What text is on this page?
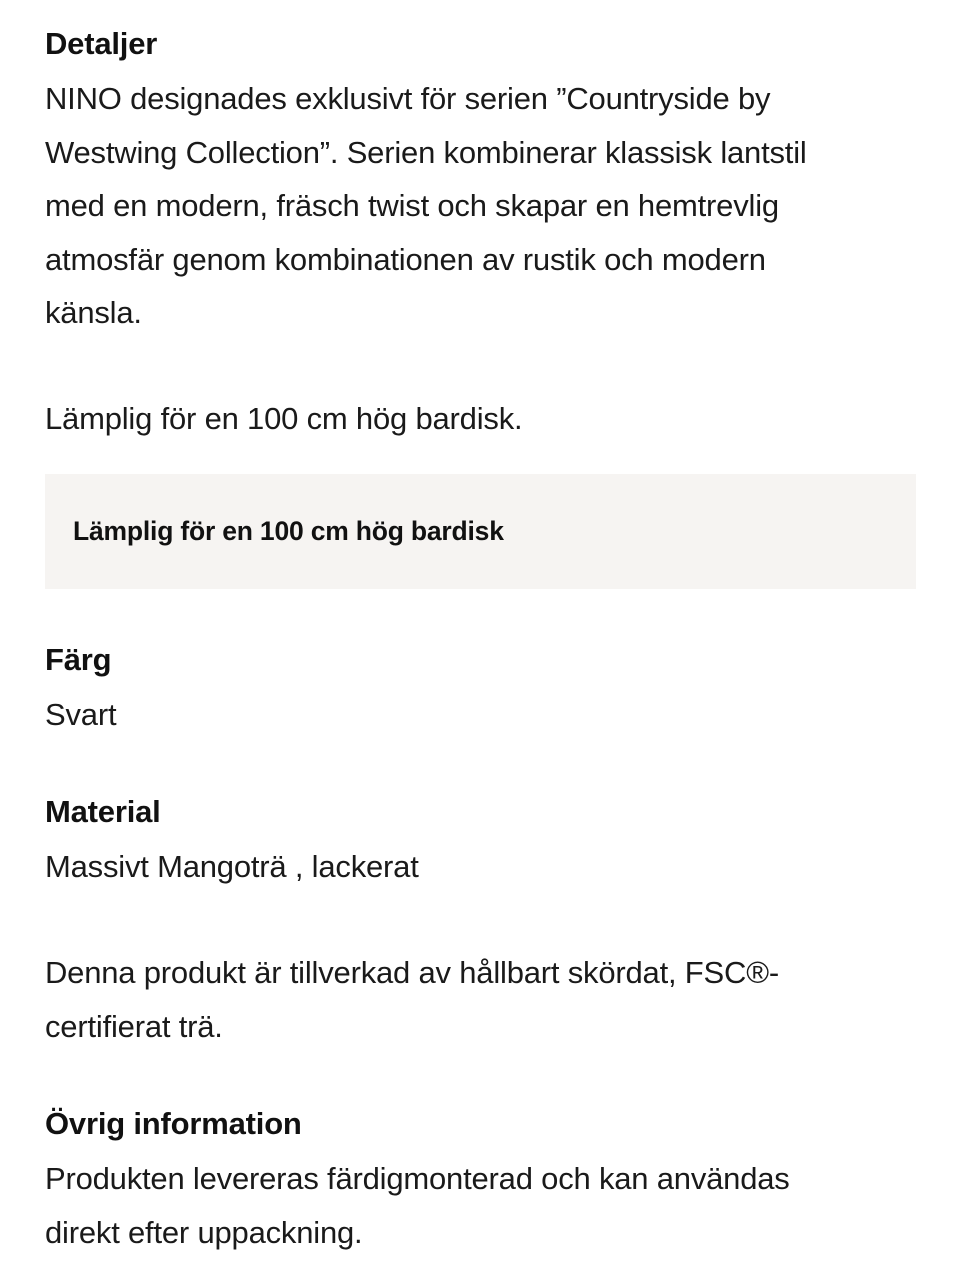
Detaljer

NINO designades exklusivt för serien ”Countryside by
Westwing Collection”. Serien kombinerar klassisk lantstil
med en modern, fräsch twist och skapar en hemtrevlig
atmosfär genom kombinationen av rustik och modern
känsla.

Lämplig för en 100 cm hög bardisk.

Lämplig för en 100 cm hög bardisk
Färg

Svart

Material

Massivt Mangoträ , lackerat

Denna produkt är tillverkad av hållbart skördat, FSC®-
certifierat trä.

Övrig information

Produkten levereras färdigmonterad och kan användas
direkt efter uppackning.
